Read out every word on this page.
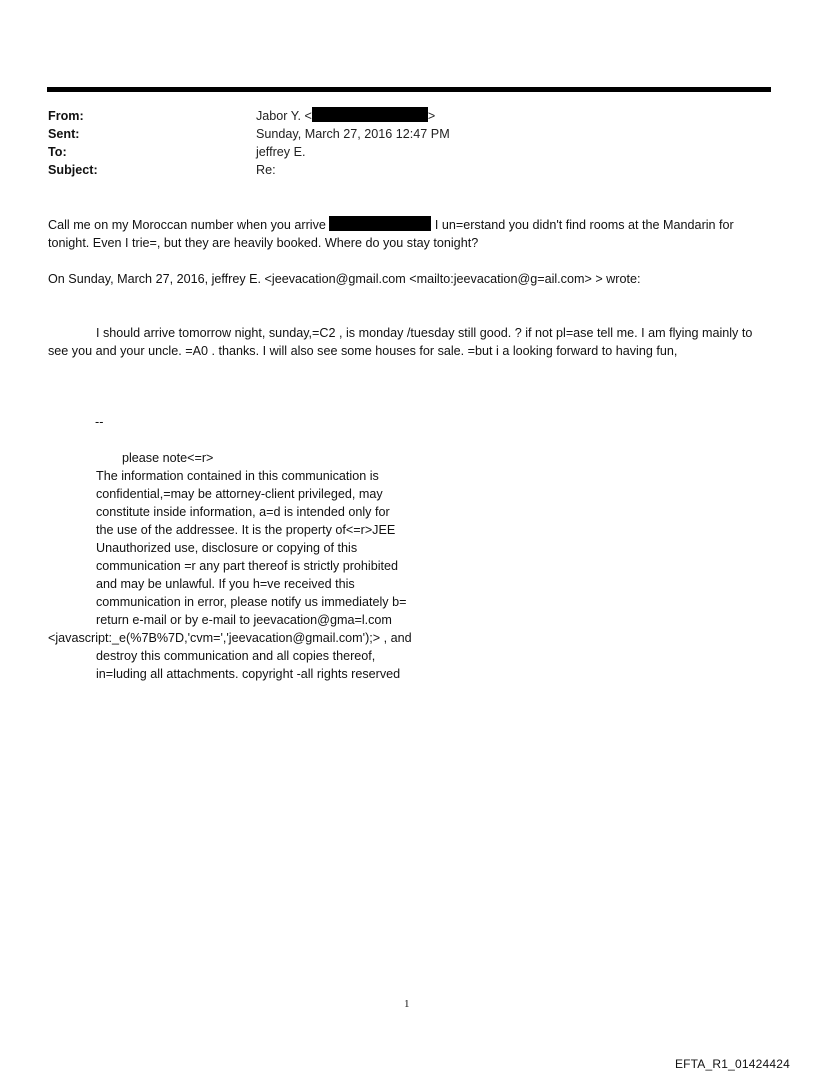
From:	Jabor Y. <	>
Sent:	Sunday, March 27, 2016 12:47 PM
To:	jeffrey E.
Subject:	Re:

Call me on my Moroccan number when you arrive	I un=erstand you didn't find rooms at the Mandarin for tonight. Even I trie=, but they are heavily booked. Where do you stay tonight?

On Sunday, March 27, 2016, jeffrey E. <jeevacation@gmail.com <mailto:jeevacation@g=ail.com> > wrote:

I should arrive tomorrow night, sunday,=C2 , is monday /tuesday still good. ? if not pl=ase tell me. I am flying mainly to see you and your uncle. =A0 . thanks. I will also see some houses for sale. =but i a looking forward to having fun,

--
please note<=r>
The information contained in this communication is
confidential,=may be attorney-client privileged, may
constitute inside information, a=d is intended only for
the use of the addressee. It is the property of<=r>JEE
Unauthorized use, disclosure or copying of this
communication =r any part thereof is strictly prohibited
and may be unlawful. If you h=ve received this
communication in error, please notify us immediately b=
return e-mail or by e-mail to jeevacation@gma=l.com
<javascript:_e(%7B%7D,'cvm=','jeevacation@gmail.com');> , and
destroy this communication and all copies thereof,
in=luding all attachments. copyright -all rights reserved
1
EFTA_R1_01424424
